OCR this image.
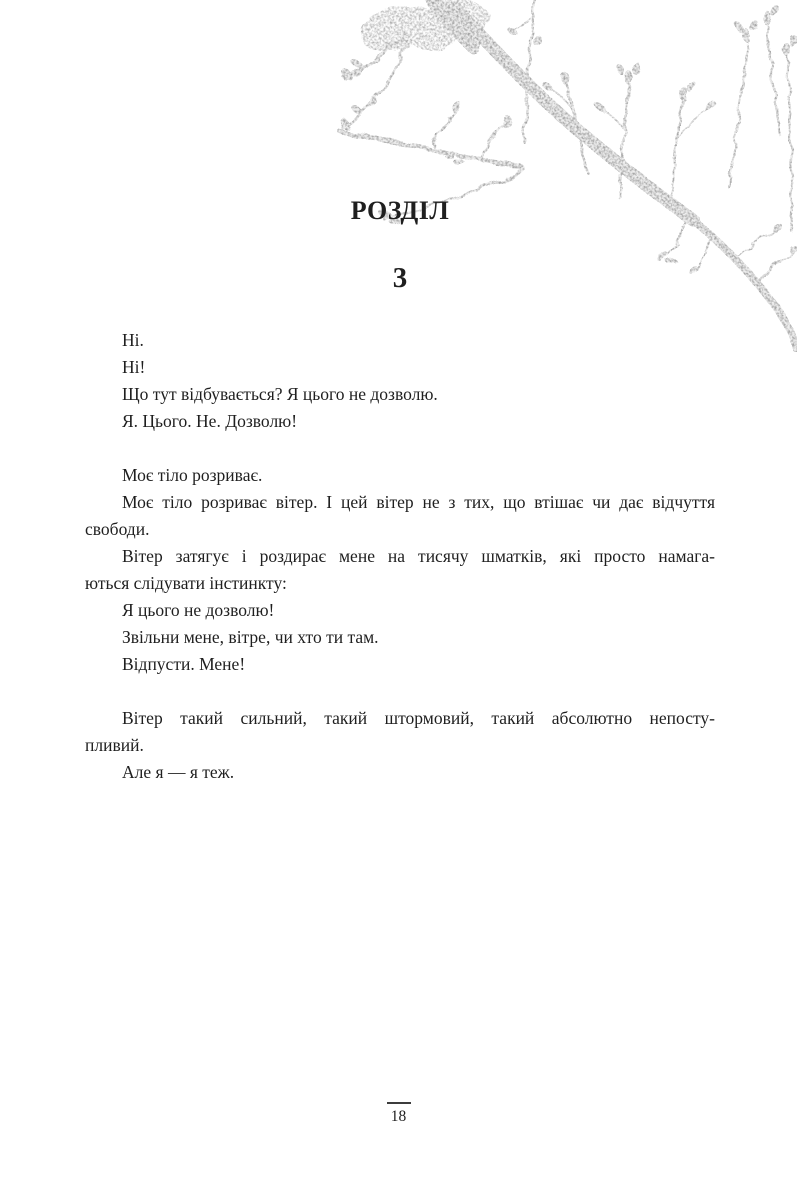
РОЗДІЛ
3
Ні.
Ні!
Що тут відбувається? Я цього не дозволю.
Я. Цього. Не. Дозволю!
Моє тіло розриває.
Моє тіло розриває вітер. І цей вітер не з тих, що втішає чи дає відчуття
свободи.
Вітер затягує і роздирає мене на тисячу шматків, які просто намага-
ються слідувати інстинкту:
Я цього не дозволю!
Звільни мене, вітре, чи хто ти там.
Відпусти. Мене!
Вітер такий сильний, такий штормовий, такий абсолютно непосту-
пливий.
Але я — я теж.
18
